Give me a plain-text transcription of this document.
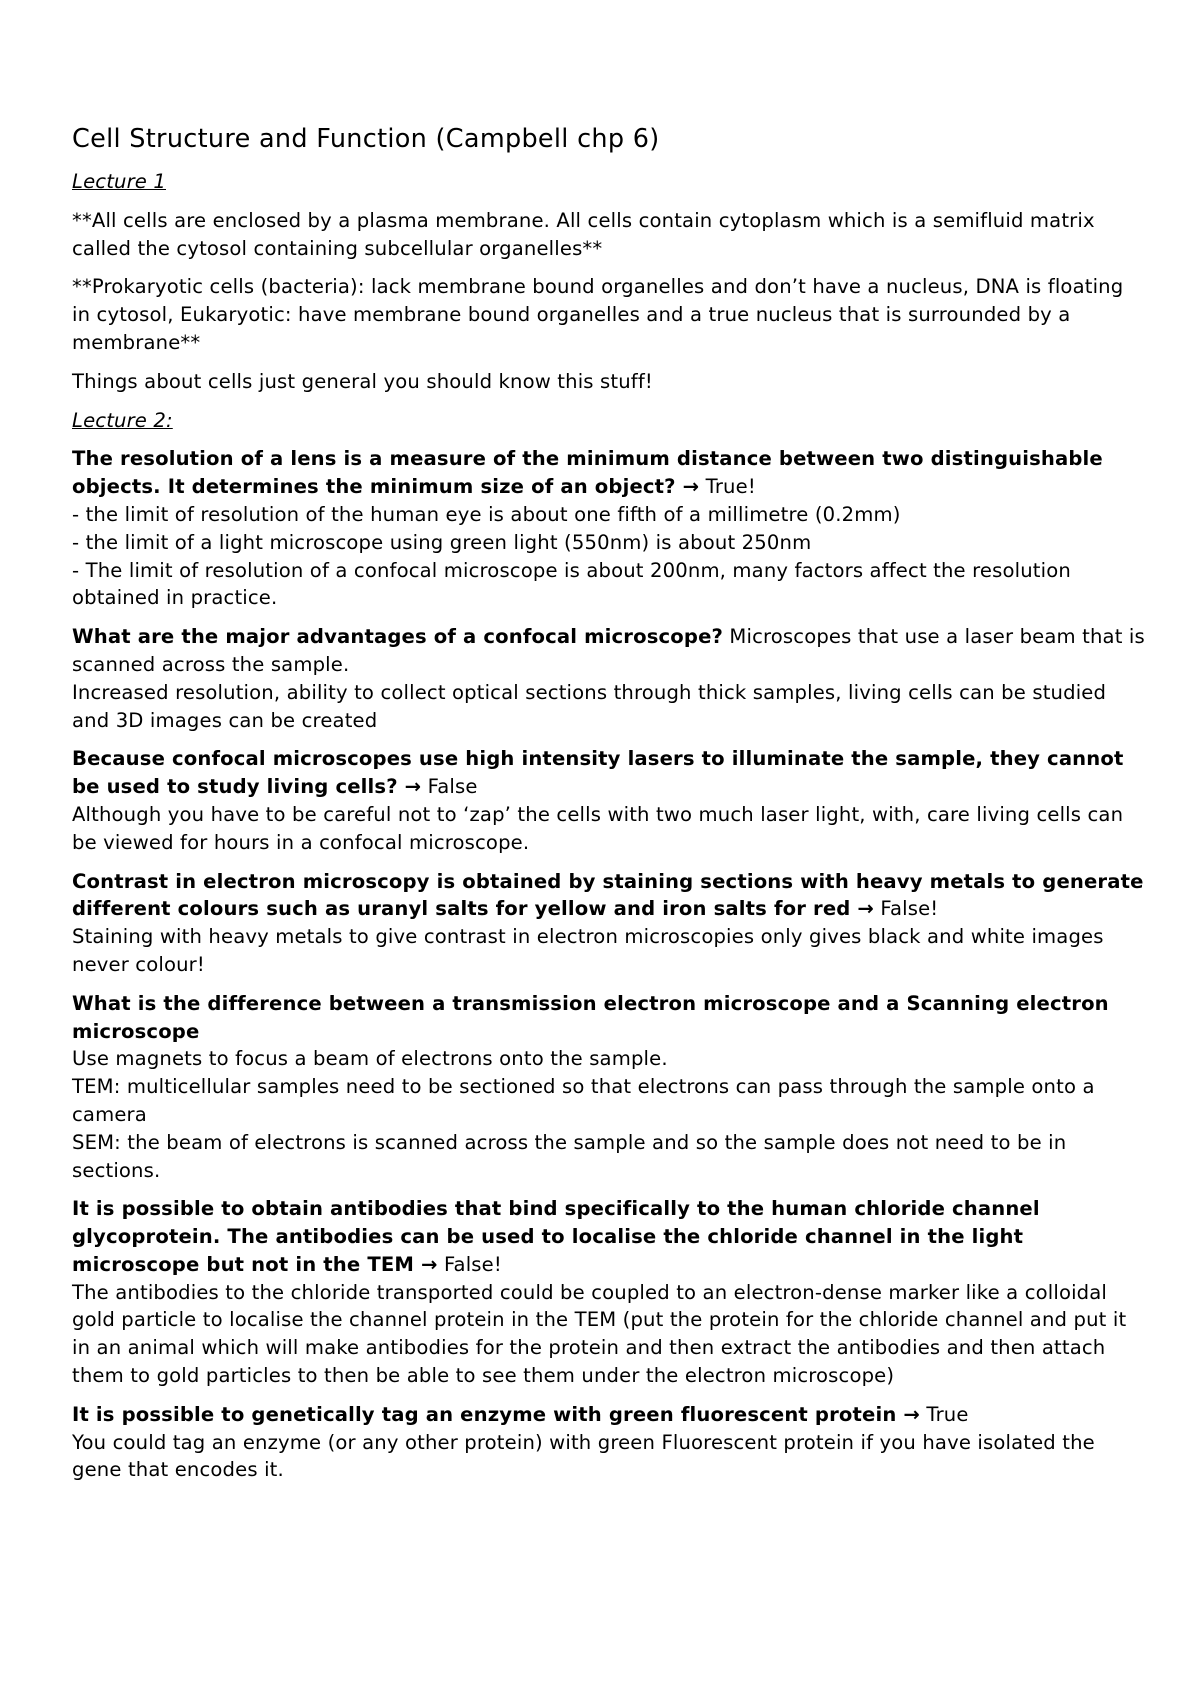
Cell Structure and Function (Campbell chp 6)

Lecture 1

**All cells are enclosed by a plasma membrane. All cells contain cytoplasm which is a semifluid matrix called the cytosol containing subcellular organelles**

**Prokaryotic cells (bacteria): lack membrane bound organelles and don’t have a nucleus, DNA is floating in cytosol, Eukaryotic: have membrane bound organelles and a true nucleus that is surrounded by a membrane**

Things about cells just general you should know this stuff!

Lecture 2:

The resolution of a lens is a measure of the minimum distance between two distinguishable objects. It determines the minimum size of an object? → True!
- the limit of resolution of the human eye is about one fifth of a millimetre (0.2mm)
- the limit of a light microscope using green light (550nm) is about 250nm
- The limit of resolution of a confocal microscope is about 200nm, many factors affect the resolution obtained in practice.
What are the major advantages of a confocal microscope? Microscopes that use a laser beam that is scanned across the sample.
Increased resolution, ability to collect optical sections through thick samples, living cells can be studied and 3D images can be created
Because confocal microscopes use high intensity lasers to illuminate the sample, they cannot be used to study living cells? → False
Although you have to be careful not to ‘zap’ the cells with two much laser light, with, care living cells can be viewed for hours in a confocal microscope.
Contrast in electron microscopy is obtained by staining sections with heavy metals to generate different colours such as uranyl salts for yellow and iron salts for red → False!
Staining with heavy metals to give contrast in electron microscopies only gives black and white images never colour!
What is the difference between a transmission electron microscope and a Scanning electron microscope
Use magnets to focus a beam of electrons onto the sample.
TEM: multicellular samples need to be sectioned so that electrons can pass through the sample onto a camera
SEM: the beam of electrons is scanned across the sample and so the sample does not need to be in sections.
It is possible to obtain antibodies that bind specifically to the human chloride channel glycoprotein. The antibodies can be used to localise the chloride channel in the light microscope but not in the TEM → False!
The antibodies to the chloride transported could be coupled to an electron-dense marker like a colloidal gold particle to localise the channel protein in the TEM (put the protein for the chloride channel and put it in an animal which will make antibodies for the protein and then extract the antibodies and then attach them to gold particles to then be able to see them under the electron microscope)
It is possible to genetically tag an enzyme with green fluorescent protein → True
You could tag an enzyme (or any other protein) with green Fluorescent protein if you have isolated the gene that encodes it.
